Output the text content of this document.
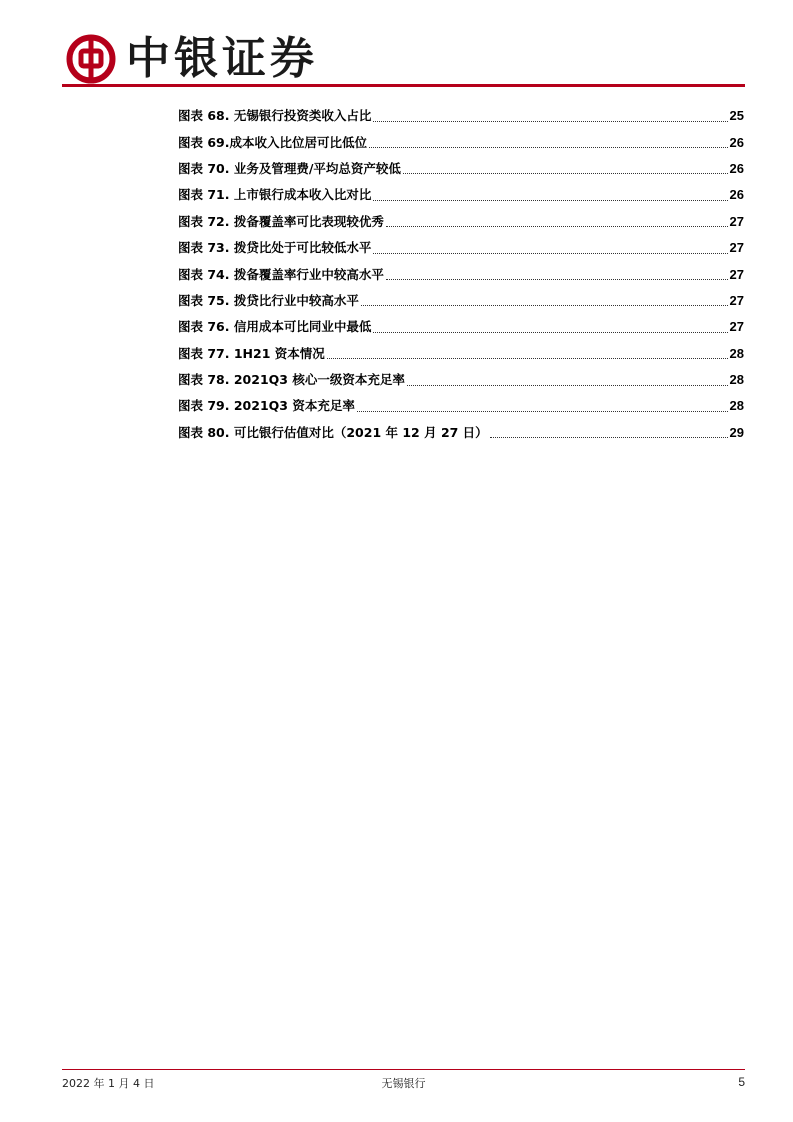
中银证券
图表 68. 无锡银行投资类收入占比	25
图表 69.成本收入比位居可比低位	26
图表 70. 业务及管理费/平均总资产较低	26
图表 71. 上市银行成本收入比对比	26
图表 72. 拨备覆盖率可比表现较优秀	27
图表 73. 拨贷比处于可比较低水平	27
图表 74. 拨备覆盖率行业中较高水平	27
图表 75. 拨贷比行业中较高水平	27
图表 76. 信用成本可比同业中最低	27
图表 77. 1H21 资本情况	28
图表 78. 2021Q3 核心一级资本充足率	28
图表 79. 2021Q3 资本充足率	28
图表 80. 可比银行估值对比（2021 年 12 月 27 日）	29
2022 年 1 月 4 日	无锡银行	5
